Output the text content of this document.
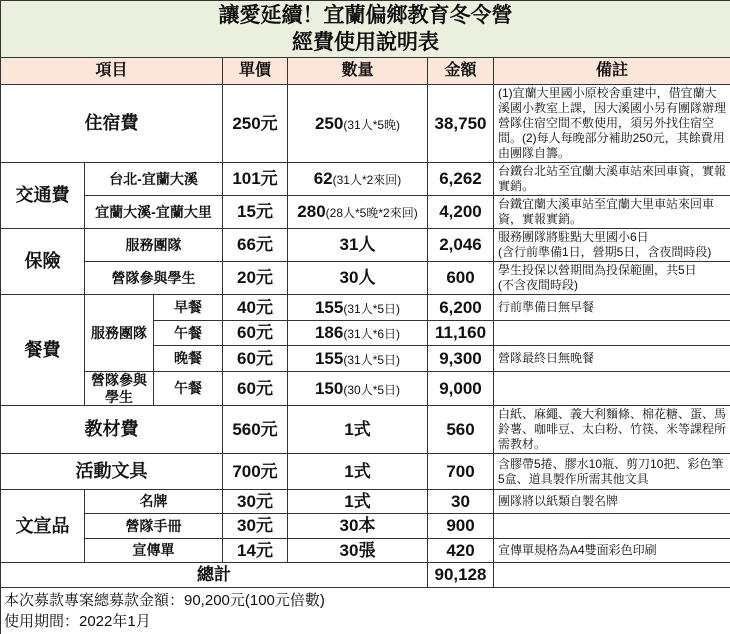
讓愛延續！宜蘭偏鄉教育冬令營
經費使用說明表						

項目			單價	數量	金額	備註
住宿費			250元	250(31人*5晚)	38,750	(1)宜蘭大里國小原校舍重建中，借宜蘭大溪國小教室上課，因大溪國小另有團隊辦理營隊住宿空間不敷使用，須另外找住宿空間。(2)每人每晚部分補助250元，其餘費用由團隊自籌。
交通費	台北-宜蘭大溪		101元	62(31人*2來回)	6,262	台鐵台北站至宜蘭大溪車站來回車資，實報實銷。
	宜蘭大溪-宜蘭大里		15元	280(28人*5晚*2來回)	4,200	台鐵宜蘭大溪車站至宜蘭大里車站來回車資，實報實銷。
保險	服務團隊		66元	31人	2,046	服務團隊將駐點大里國小6日
(含行前準備1日，營期5日，含夜間時段)

	營隊參與學生		20元	30人	600	學生投保以營期間為投保範圍，共5日
(不含夜間時段)

餐費	服務團隊	早餐	40元	155(31人*5日)	6,200	行前準備日無早餐
		午餐	60元	186(31人*6日)	11,160	
		晚餐	60元	155(31人*5日)	9,300	營隊最終日無晚餐
	營隊參與學生	午餐	60元	150(30人*5日)	9,000	
教材費			560元	1式	560	白紙、麻繩、義大利麵條、棉花糖、蛋、馬鈴薯、咖啡豆、太白粉、竹筷、米等課程所需教材。
活動文具			700元	1式	700	含膠帶5捲、膠水10瓶、剪刀10把、彩色筆5盒、道具製作所需其他文具
文宣品	名牌		30元	1式	30	團隊將以紙類自製名牌
	營隊手冊		30元	30本	900	
	宣傳單		14元	30張	420	宣傳單規格為A4雙面彩色印刷
總計					90,128	

本次募款專案總募款金額：90,200元(100元倍數)
使用期間：2022年1月						
